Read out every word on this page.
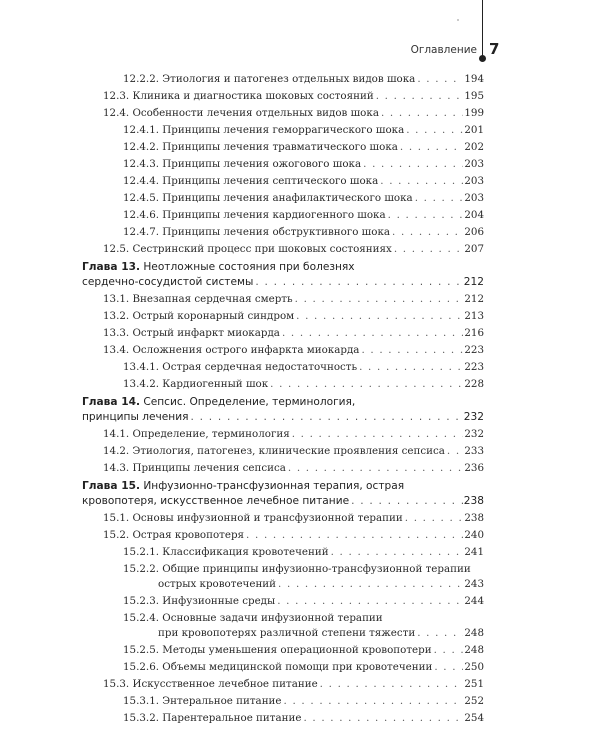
Оглавление 7
12.2.2. Этиология и патогенез отдельных видов шока . . .	194
12.3. Клиника и диагностика шоковых состояний . . .	195
12.4. Особенности лечения отдельных видов шока . . .	199
12.4.1. Принципы лечения геморрагического шока . . .	201
12.4.2. Принципы лечения травматического шока . . .	202
12.4.3. Принципы лечения ожогового шока . . .	203
12.4.4. Принципы лечения септического шока . . .	203
12.4.5. Принципы лечения анафилактического шока . . .	203
12.4.6. Принципы лечения кардиогенного шока . . .	204
12.4.7. Принципы лечения обструктивного шока . . .	206
12.5. Сестринский процесс при шоковых состояниях . . .	207
Глава 13. Неотложные состояния при болезнях
сердечно-сосудистой системы . . .	212
13.1. Внезапная сердечная смерть . . .	212
13.2. Острый коронарный синдром . . .	213
13.3. Острый инфаркт миокарда . . .	216
13.4. Осложнения острого инфаркта миокарда . . .	223
13.4.1. Острая сердечная недостаточность . . .	223
13.4.2. Кардиогенный шок . . .	228
Глава 14. Сепсис. Определение, терминология,
принципы лечения . . .	232
14.1. Определение, терминология . . .	232
14.2. Этиология, патогенез, клинические проявления сепсиса . . . 233
14.3. Принципы лечения сепсиса . . .	236
Глава 15. Инфузионно-трансфузионная терапия, острая
кровопотеря, искусственное лечебное питание . . .	238
15.1. Основы инфузионной и трансфузионной терапии . . .	238
15.2. Острая кровопотеря . . .	240
15.2.1. Классификация кровотечений . . .	241
15.2.2. Общие принципы инфузионно-трансфузионной терапии
острых кровотечений . . .	243
15.2.3. Инфузионные среды . . .	244
15.2.4. Основные задачи инфузионной терапии
при кровопотерях различной степени тяжести . . .	248
15.2.5. Методы уменьшения операционной кровопотери . . .	248
15.2.6. Объемы медицинской помощи при кровотечении . . .	250
15.3. Искусственное лечебное питание . . .	251
15.3.1. Энтеральное питание . . .	252
15.3.2. Парентеральное питание . . .	254
